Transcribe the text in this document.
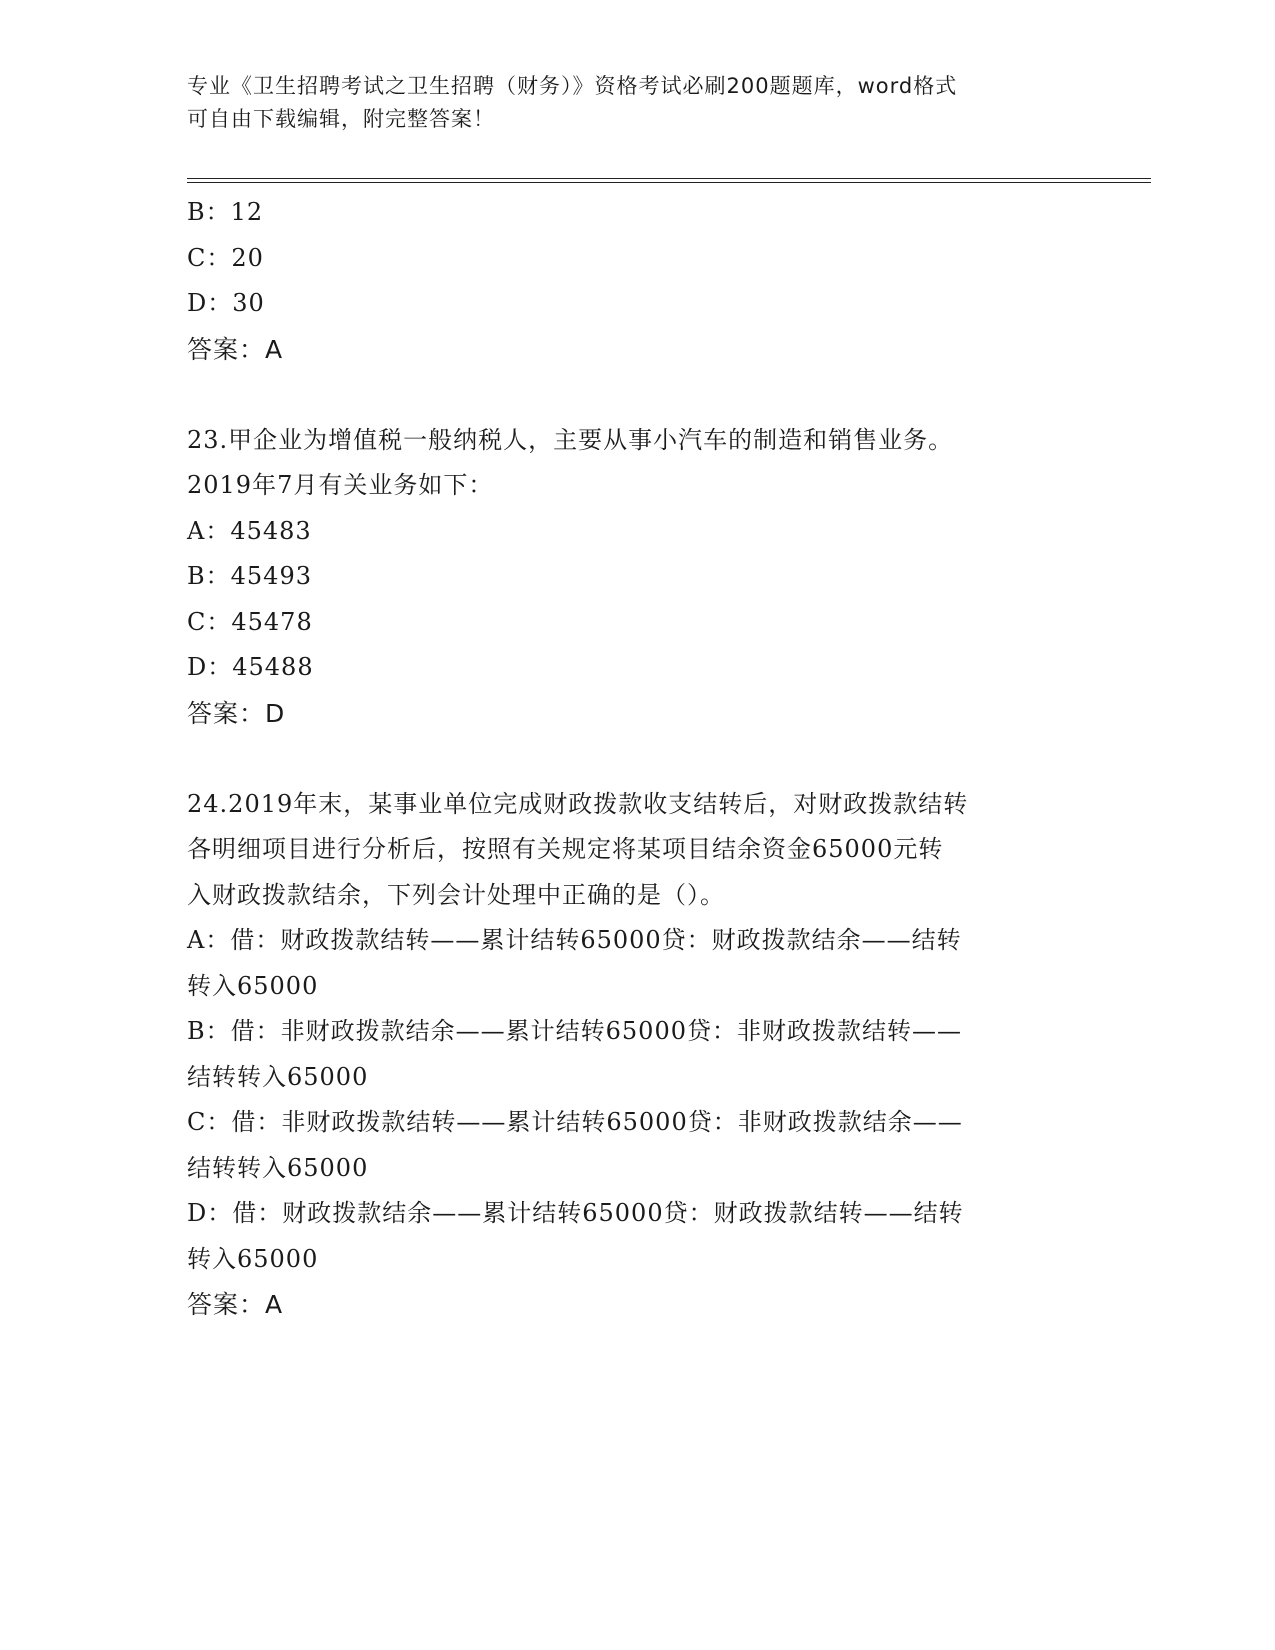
专业《卫生招聘考试之卫生招聘（财务）》资格考试必刷200题题库，word格式
可自由下载编辑，附完整答案！
B：12
C：20
D：30
答案：A
23.甲企业为增值税一般纳税人，主要从事小汽车的制造和销售业务。
2019年7月有关业务如下：
A：45483
B：45493
C：45478
D：45488
答案：D
24.2019年末，某事业单位完成财政拨款收支结转后，对财政拨款结转
各明细项目进行分析后，按照有关规定将某项目结余资金65000元转
入财政拨款结余，下列会计处理中正确的是（）。
A：借：财政拨款结转——累计结转65000贷：财政拨款结余——结转
转入65000
B：借：非财政拨款结余——累计结转65000贷：非财政拨款结转——
结转转入65000
C：借：非财政拨款结转——累计结转65000贷：非财政拨款结余——
结转转入65000
D：借：财政拨款结余——累计结转65000贷：财政拨款结转——结转
转入65000
答案：A
